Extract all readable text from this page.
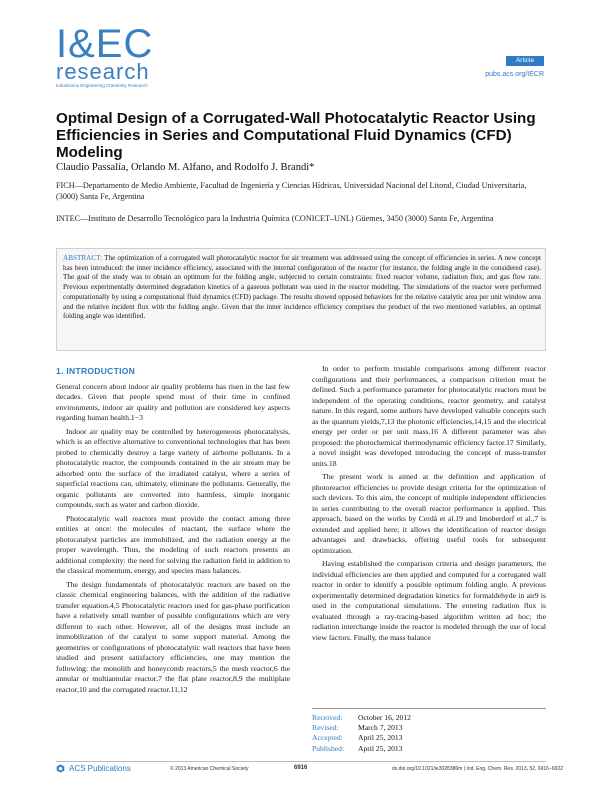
I&EC
research
Industrial & Engineering Chemistry Research
Article
pubs.acs.org/IECR
Optimal Design of a Corrugated-Wall Photocatalytic Reactor Using Efficiencies in Series and Computational Fluid Dynamics (CFD) Modeling
Claudio Passalía, Orlando M. Alfano, and Rodolfo J. Brandi*
FICH—Departamento de Medio Ambiente, Facultad de Ingeniería y Ciencias Hídricas, Universidad Nacional del Litoral, Ciudad Universitaria, (3000) Santa Fe, Argentina
INTEC—Instituto de Desarrollo Tecnológico para la Industria Química (CONICET–UNL) Güemes, 3450 (3000) Santa Fe, Argentina
ABSTRACT: The optimization of a corrugated wall photocatalytic reactor for air treatment was addressed using the concept of efficiencies in series. A new concept has been introduced: the inner incidence efficiency, associated with the internal configuration of the reactor (for instance, the folding angle in the considered case). The goal of the study was to obtain an optimum for the folding angle, subjected to certain constraints: fixed reactor volume, radiation flux, and gas flow rate. Previous experimentally determined degradation kinetics of a gaseous pollutant was used in the reactor modeling. The simulations of the reactor were performed computationally by using a computational fluid dynamics (CFD) package. The results showed opposed behaviors for the relative catalytic area per unit window area and the relative incident flux with the folding angle. Given that the inner incidence efficiency comprises the product of the two mentioned variables, an optimal folding angle was identified.
1. INTRODUCTION

General concern about indoor air quality problems has risen in the last few decades. Given that people spend most of their time in confined environments, indoor air quality and pollution are considered key aspects regarding human health.1−3

Indoor air quality may be controlled by heterogeneous photocatalysis, which is an effective alternative to conventional technologies that has been probed to chemically destroy a large variety of airborne pollutants. In a photocatalytic reactor, the compounds contained in the air stream may be adsorbed onto the surface of the irradiated catalyst, where a series of superficial reactions can, ultimately, eliminate the pollutants. Generally, the organic pollutants are converted into harmless, simple inorganic compounds, such as water and carbon dioxide.

Photocatalytic wall reactors must provide the contact among three entities at once: the molecules of reactant, the surface where the photocatalyst particles are immobilized, and the radiation energy at the proper wavelength. Thus, the modeling of such reactors presents an additional complexity: the need for solving the radiation field in addition to the classical momentum, energy, and species mass balances.

The design fundamentals of photocatalytic reactors are based on the classic chemical engineering balances, with the addition of the radiative transfer equation.4,5 Photocatalytic reactors used for gas-phase purification have a relatively small number of possible configurations which are very different to each other. However, all of the designs must include an immobilization of the catalyst to some support material. Among the geometries or configurations of photocatalytic wall reactors that have been studied and present satisfactory efficiencies, one may mention the following: the monolith and honeycomb reactors,5 the mesh reactor,6 the annular or multiannular reactor,7 the flat plate reactor,8,9 the multiplate reactor,10 and the corrugated reactor.11,12

In order to perform trustable comparisons among different reactor configurations and their performances, a comparison criterion must be defined. Such a performance parameter for photocatalytic reactors must be independent of the operating conditions, reactor geometry, and catalyst nature. In this regard, some authors have developed valuable concepts such as the quantum yields,7,13 the photonic efficiencies,14,15 and the electrical energy per order or per unit mass.16 A different parameter was also proposed: the photochemical thermodynamic efficiency factor.17 Similarly, a novel insight was developed introducing the concept of mass-transfer units.18

The present work is aimed at the definition and application of photoreactor efficiencies to provide design criteria for the optimization of such devices. To this aim, the concept of multiple independent efficiencies in series contributing to the overall reactor performance is applied. This approach, based on the works by Cerdá et al.19 and Imoberdorf et al.,7 is extended and applied here; it allows the identification of reactor design advantages and drawbacks, offering useful tools for subsequent optimization.

Having established the comparison criteria and design parameters, the individual efficiencies are then applied and computed for a corrugated wall reactor in order to identify a possible optimum folding angle. A previous experimentally determined degradation kinetics for formaldehyde in air9 is used in the computational simulations. The entering radiation flux is evaluated through a ray-tracing-based algorithm written ad hoc; the radiation interchange inside the reactor is modeled through the use of local view factors. Finally, the mass balance

Received:	October 16, 2012
Revised:	March 7, 2013
Accepted:	April 25, 2013
Published:	April 25, 2013
ACS Publications	© 2013 American Chemical Society	6916	dx.doi.org/10.1021/ie3028386m | Ind. Eng. Chem. Res. 2013, 52, 6916−6922
